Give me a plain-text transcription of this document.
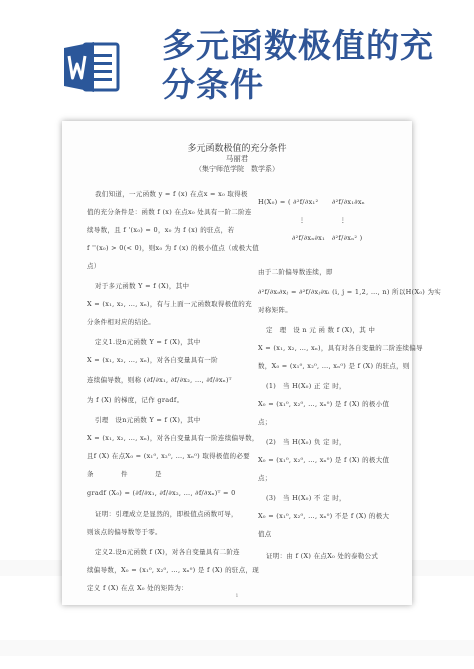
多元函数极值的充分条件
多元函数极值的充分条件
马丽君
（集宁师范学院　数学系）
我们知道，一元函数 y = f (x) 在点x = x₀ 取得极
值的充分条件是：函数 f (x) 在点x₀ 处具有一阶二阶连
续导数，且 f '(x₀) = 0，x₀ 为 f (x) 的驻点，若
f ''(x₀) > 0(< 0)，则x₀ 为 f (x) 的极小值点（或极大值
点）
对于多元函数 Y = f (X)，其中
X = (x₁, x₂, …, xₙ)，有与上面一元函数取得极值的充
分条件相对应的结论。
定义1.设n元函数 Y = f (X)，其中
X = (x₁, x₂, …, xₙ)，对各自变量具有一阶
连续偏导数，则称 (∂f/∂x₁, ∂f/∂x₂, …, ∂f/∂xₙ)ᵀ
为 f (X) 的梯度，记作 gradf。
引理　设n元函数 Y = f (X)，其中
X = (x₁, x₂, …, xₙ)，对各自变量具有一阶连续偏导数，
且f (X) 在点X₀ = (x₁⁰, x₂⁰, …, xₙ⁰) 取得极值的必要
条　　　　件　　　　是
gradf (X₀) = (∂f/∂x₁, ∂f/∂x₂, …, ∂f/∂xₙ)ᵀ = 0
证明：引理成立是显然的，即极值点函数可导，
则该点的偏导数等于零。
定义2.设n元函数 f (X)，对各自变量具有二阶连
续偏导数，X₀ = (x₁⁰, x₂⁰, …, xₙ⁰) 是 f (X) 的驻点，现
定义 f (X) 在点 X₀ 处的矩阵为：
H(X₀) = ( ∂²f/∂x₁²　　∂²f/∂x₁∂xₙ
　　　　　　⋮　　　　　⋮
　　　　　∂²f/∂xₙ∂x₁　∂²f/∂xₙ² )
由于二阶偏导数连续，即
∂²f/∂xᵢ∂xⱼ = ∂²f/∂xⱼ∂xᵢ (i, j = 1,2, …, n) 所以H(X₀) 为实
对称矩阵。
定　理　设 n 元 函 数 f (X)，其 中
X = (x₁, x₂, …, xₙ)，具有对各自变量的二阶连续偏导
数，X₀ = (x₁⁰, x₂⁰, …, xₙ⁰) 是 f (X) 的驻点，则
(1)　当 H(X₀) 正 定 时，
X₀ = (x₁⁰, x₂⁰, …, xₙ⁰) 是 f (X) 的极小值
点；
(2)　当 H(X₀) 负 定 时，
X₀ = (x₁⁰, x₂⁰, …, xₙ⁰) 是 f (X) 的极大值
点；
(3)　当 H(X₀) 不 定 时，
X₀ = (x₁⁰, x₂⁰, …, xₙ⁰) 不是 f (X) 的极大
值点
证明：由 f (X) 在点X₀ 处的泰勒公式
1
